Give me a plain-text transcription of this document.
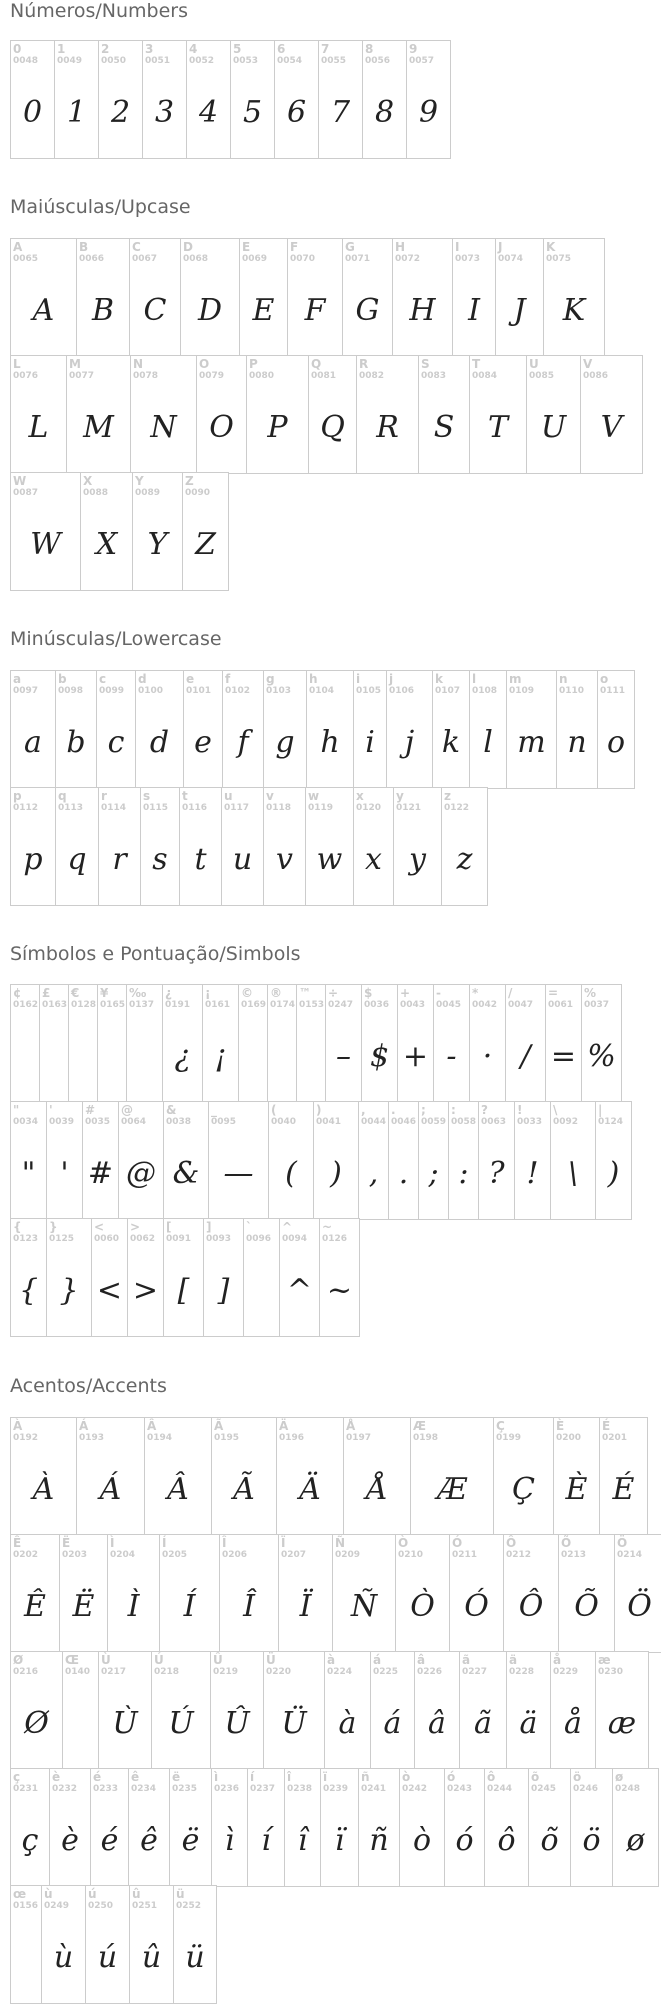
Números/Numbers
0
0048
0
1
0049
1
2
0050
2
3
0051
3
4
0052
4
5
0053
5
6
0054
6
7
0055
7
8
0056
8
9
0057
9
Maiúsculas/Upcase
A
0065
A
B
0066
B
C
0067
C
D
0068
D
E
0069
E
F
0070
F
G
0071
G
H
0072
H
I
0073
I
J
0074
J
K
0075
K
L
0076
L
M
0077
M
N
0078
N
O
0079
O
P
0080
P
Q
0081
Q
R
0082
R
S
0083
S
T
0084
T
U
0085
U
V
0086
V
W
0087
W
X
0088
X
Y
0089
Y
Z
0090
Z
Minúsculas/Lowercase
a
0097
a
b
0098
b
c
0099
c
d
0100
d
e
0101
e
f
0102
f
g
0103
g
h
0104
h
i
0105
i
j
0106
j
k
0107
k
l
0108
l
m
0109
m
n
0110
n
o
0111
o
p
0112
p
q
0113
q
r
0114
r
s
0115
s
t
0116
t
u
0117
u
v
0118
v
w
0119
w
x
0120
x
y
0121
y
z
0122
z
Símbolos e Pontuação/Simbols
¢
0162
£
0163
€
0128
¥
0165
‰
0137
¿
0191
¿
¡
0161
¡
©
0169
®
0174
™
0153
÷
0247
–
$
0036
$
+
0043
+
-
0045
-
*
0042
·
/
0047
/
=
0061
=
%
0037
%
"
0034
"
'
0039
'
#
0035
#
@
0064
@
&
0038
&
_
0095
—
(
0040
(
)
0041
)
,
0044
,
.
0046
.
;
0059
;
:
0058
:
?
0063
?
!
0033
!
\
0092
\
|
0124
)
{
0123
{
}
0125
}
<
0060
<
>
0062
>
[
0091
[
]
0093
]
`
0096
^
0094
^
~
0126
~
Acentos/Accents
À
0192
À
Á
0193
Á
Â
0194
Â
Ã
0195
Ã
Ä
0196
Ä
Å
0197
Å
Æ
0198
Æ
Ç
0199
Ç
È
0200
È
É
0201
É
Ê
0202
Ê
Ë
0203
Ë
Ì
0204
Ì
Í
0205
Í
Î
0206
Î
Ï
0207
Ï
Ñ
0209
Ñ
Ò
0210
Ò
Ó
0211
Ó
Ô
0212
Ô
Õ
0213
Õ
Ö
0214
Ö
Ø
0216
Ø
Œ
0140
Ù
0217
Ù
Ú
0218
Ú
Û
0219
Û
Ü
0220
Ü
à
0224
à
á
0225
á
â
0226
â
ã
0227
ã
ä
0228
ä
å
0229
å
æ
0230
æ
ç
0231
ç
è
0232
è
é
0233
é
ê
0234
ê
ë
0235
ë
ì
0236
ì
í
0237
í
î
0238
î
ï
0239
ï
ñ
0241
ñ
ò
0242
ò
ó
0243
ó
ô
0244
ô
õ
0245
õ
ö
0246
ö
ø
0248
ø
œ
0156
ù
0249
ù
ú
0250
ú
û
0251
û
ü
0252
ü
